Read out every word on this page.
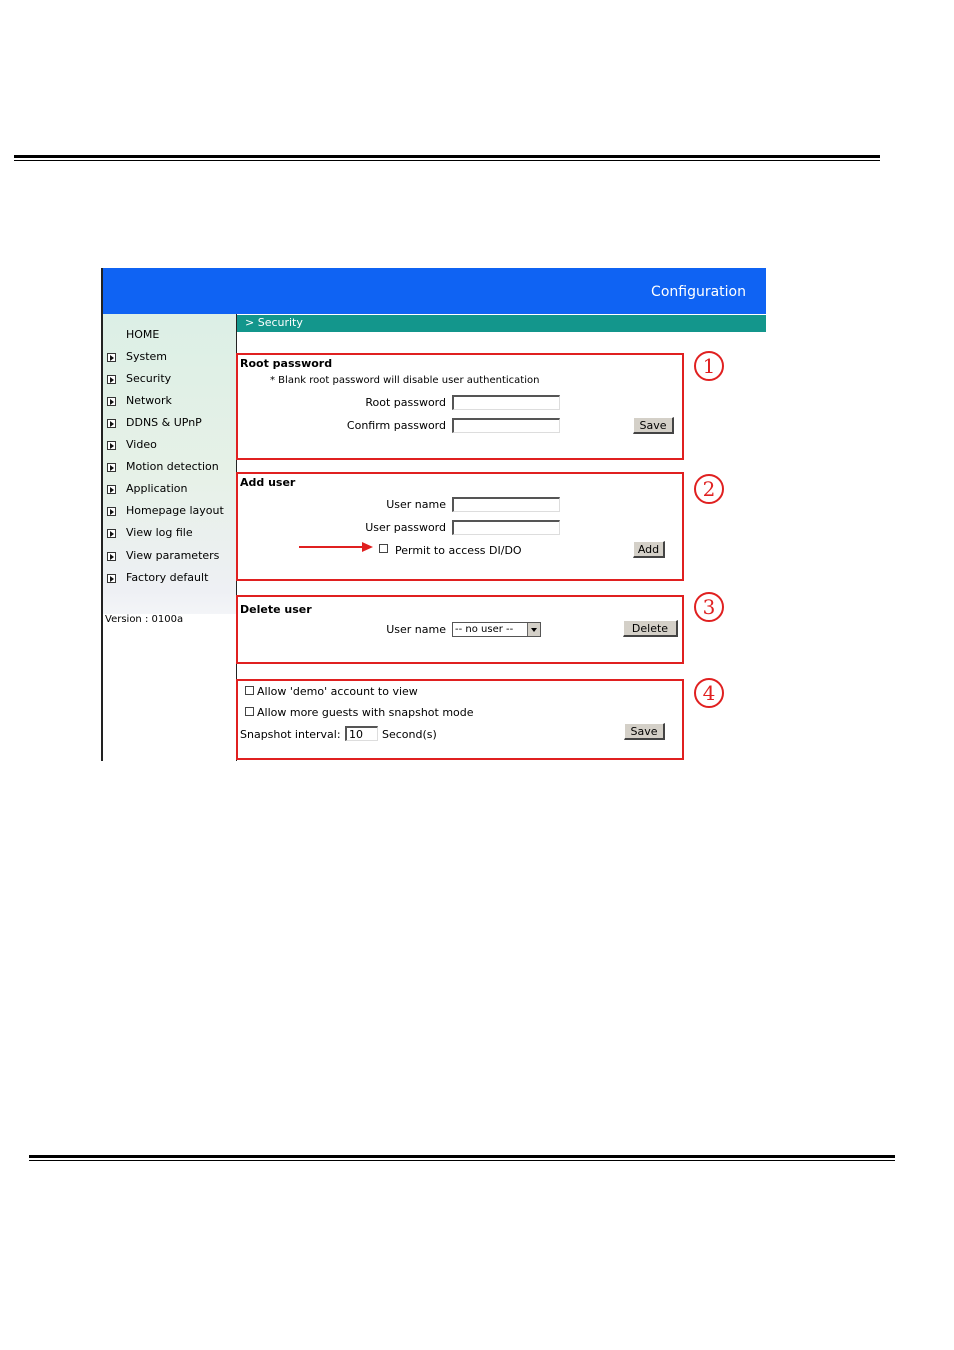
Configuration
HOME
System
Security
Network
DDNS & UPnP
Video
Motion detection
Application
Homepage layout
View log file
View parameters
Factory default
Version : 0100a
> Security
Root password
* Blank root password will disable user authentication
Root password
Confirm password	Save
Add user
User name
User password
Permit to access DI/DO	Add
Delete user
User name -- no user --	Delete
Allow 'demo' account to view
Allow more guests with snapshot mode
Snapshot interval:
10	Second(s)	Save
1
2
3
4
